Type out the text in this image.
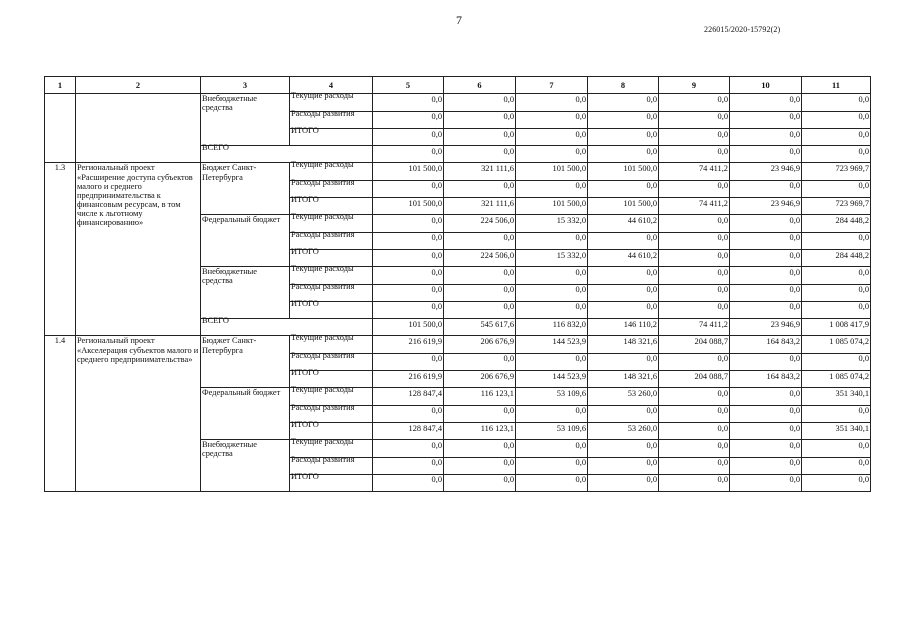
7
226015/2020-15792(2)
1	2	3	4	5	6	7	8	9	10	11
		Внебюджетные средства	Текущие расходы	0,0	0,0	0,0	0,0	0,0	0,0	0,0
			Расходы развития	0,0	0,0	0,0	0,0	0,0	0,0	0,0
			ИТОГО	0,0	0,0	0,0	0,0	0,0	0,0	0,0
		ВСЕГО		0,0	0,0	0,0	0,0	0,0	0,0	0,0
1.3	Региональный проект «Расширение доступа субъектов малого и среднего предпринимательства к финансовым ресурсам, в том числе к льготному финансированию»	Бюджет Санкт-Петербурга	Текущие расходы	101 500,0	321 111,6	101 500,0	101 500,0	74 411,2	23 946,9	723 969,7
			Расходы развития	0,0	0,0	0,0	0,0	0,0	0,0	0,0
			ИТОГО	101 500,0	321 111,6	101 500,0	101 500,0	74 411,2	23 946,9	723 969,7
		Федеральный бюджет	Текущие расходы	0,0	224 506,0	15 332,0	44 610,2	0,0	0,0	284 448,2
			Расходы развития	0,0	0,0	0,0	0,0	0,0	0,0	0,0
			ИТОГО	0,0	224 506,0	15 332,0	44 610,2	0,0	0,0	284 448,2
		Внебюджетные средства	Текущие расходы	0,0	0,0	0,0	0,0	0,0	0,0	0,0
			Расходы развития	0,0	0,0	0,0	0,0	0,0	0,0	0,0
			ИТОГО	0,0	0,0	0,0	0,0	0,0	0,0	0,0
		ВСЕГО		101 500,0	545 617,6	116 832,0	146 110,2	74 411,2	23 946,9	1 008 417,9
1.4	Региональный проект «Акселерация субъектов малого и среднего предпринимательства»	Бюджет Санкт-Петербурга	Текущие расходы	216 619,9	206 676,9	144 523,9	148 321,6	204 088,7	164 843,2	1 085 074,2
			Расходы развития	0,0	0,0	0,0	0,0	0,0	0,0	0,0
			ИТОГО	216 619,9	206 676,9	144 523,9	148 321,6	204 088,7	164 843,2	1 085 074,2
		Федеральный бюджет	Текущие расходы	128 847,4	116 123,1	53 109,6	53 260,0	0,0	0,0	351 340,1
			Расходы развития	0,0	0,0	0,0	0,0	0,0	0,0	0,0
			ИТОГО	128 847,4	116 123,1	53 109,6	53 260,0	0,0	0,0	351 340,1
		Внебюджетные средства	Текущие расходы	0,0	0,0	0,0	0,0	0,0	0,0	0,0
			Расходы развития	0,0	0,0	0,0	0,0	0,0	0,0	0,0
			ИТОГО	0,0	0,0	0,0	0,0	0,0	0,0	0,0
